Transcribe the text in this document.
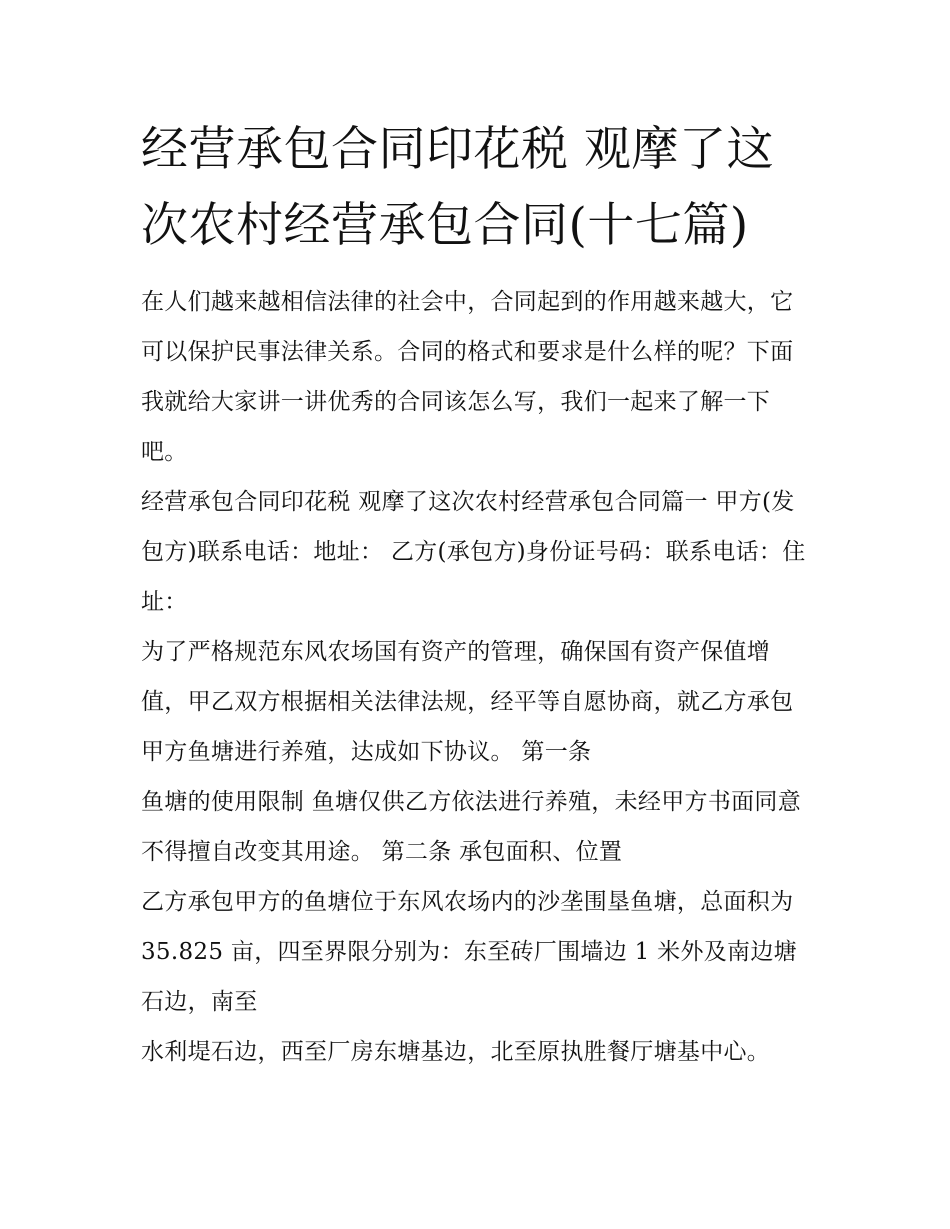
经营承包合同印花税 观摩了这次农村经营承包合同(十七篇)

在人们越来越相信法律的社会中，合同起到的作用越来越大，它可以保护民事法律关系。合同的格式和要求是什么样的呢？下面我就给大家讲一讲优秀的合同该怎么写，我们一起来了解一下吧。

经营承包合同印花税 观摩了这次农村经营承包合同篇一 甲方(发包方)联系电话：地址： 乙方(承包方)身份证号码：联系电话：住址：

为了严格规范东风农场国有资产的管理，确保国有资产保值增值，甲乙双方根据相关法律法规，经平等自愿协商，就乙方承包甲方鱼塘进行养殖，达成如下协议。 第一条

鱼塘的使用限制 鱼塘仅供乙方依法进行养殖，未经甲方书面同意不得擅自改变其用途。 第二条 承包面积、位置

乙方承包甲方的鱼塘位于东风农场内的沙垄围垦鱼塘，总面积为 35.825 亩，四至界限分别为：东至砖厂围墙边 1 米外及南边塘石边，南至

水利堤石边，西至厂房东塘基边，北至原执胜餐厅塘基中心。
